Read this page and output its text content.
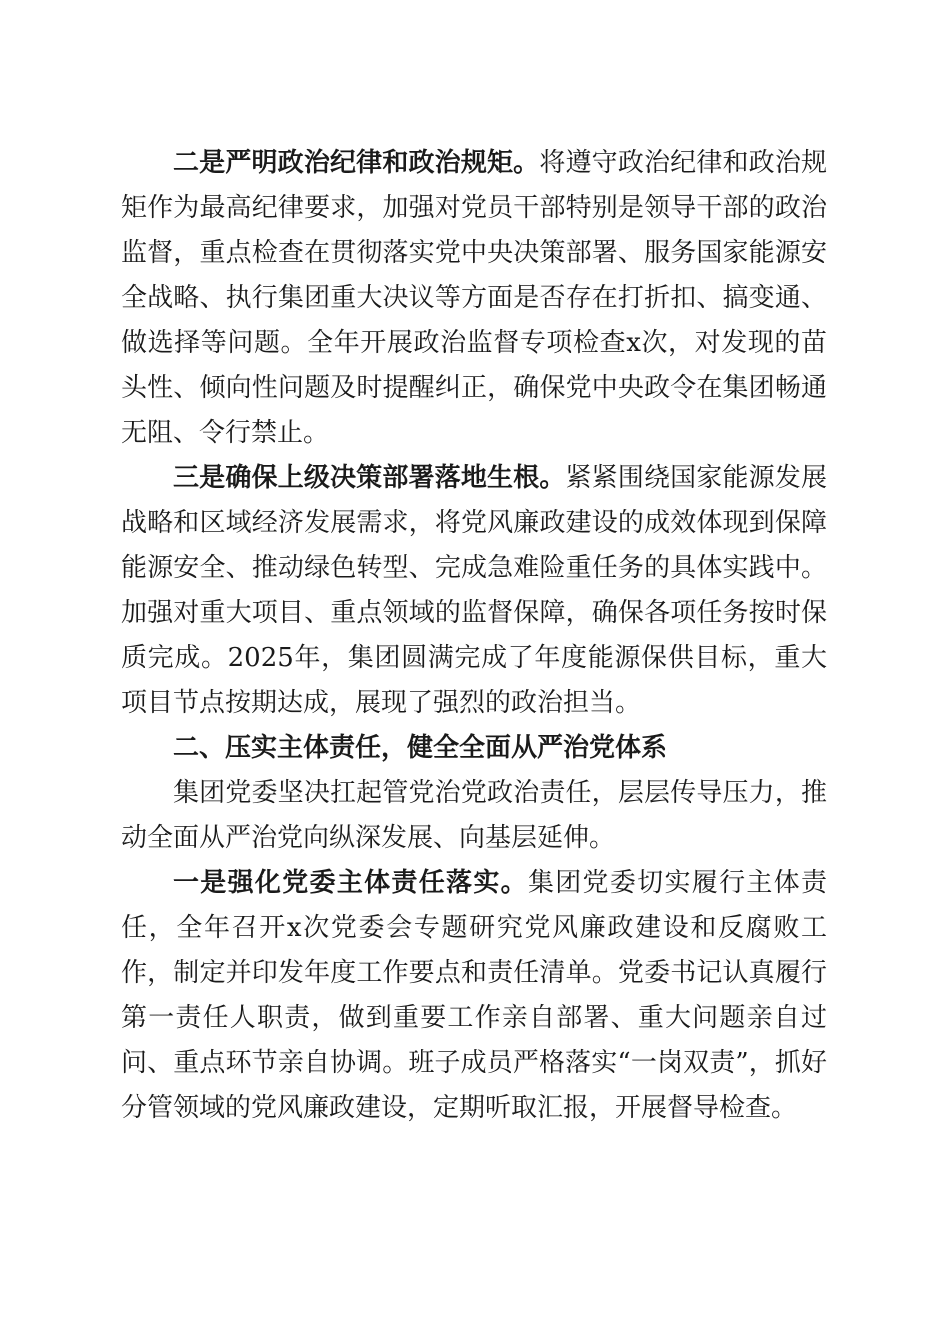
二是严明政治纪律和政治规矩。将遵守政治纪律和政治规矩作为最高纪律要求，加强对党员干部特别是领导干部的政治监督，重点检查在贯彻落实党中央决策部署、服务国家能源安全战略、执行集团重大决议等方面是否存在打折扣、搞变通、做选择等问题。全年开展政治监督专项检查x次，对发现的苗头性、倾向性问题及时提醒纠正，确保党中央政令在集团畅通无阻、令行禁止。

三是确保上级决策部署落地生根。紧紧围绕国家能源发展战略和区域经济发展需求，将党风廉政建设的成效体现到保障能源安全、推动绿色转型、完成急难险重任务的具体实践中。加强对重大项目、重点领域的监督保障，确保各项任务按时保质完成。2025年，集团圆满完成了年度能源保供目标，重大项目节点按期达成，展现了强烈的政治担当。

二、压实主体责任，健全全面从严治党体系

集团党委坚决扛起管党治党政治责任，层层传导压力，推动全面从严治党向纵深发展、向基层延伸。

一是强化党委主体责任落实。集团党委切实履行主体责任，全年召开x次党委会专题研究党风廉政建设和反腐败工作，制定并印发年度工作要点和责任清单。党委书记认真履行第一责任人职责，做到重要工作亲自部署、重大问题亲自过问、重点环节亲自协调。班子成员严格落实“一岗双责”，抓好分管领域的党风廉政建设，定期听取汇报，开展督导检查。
